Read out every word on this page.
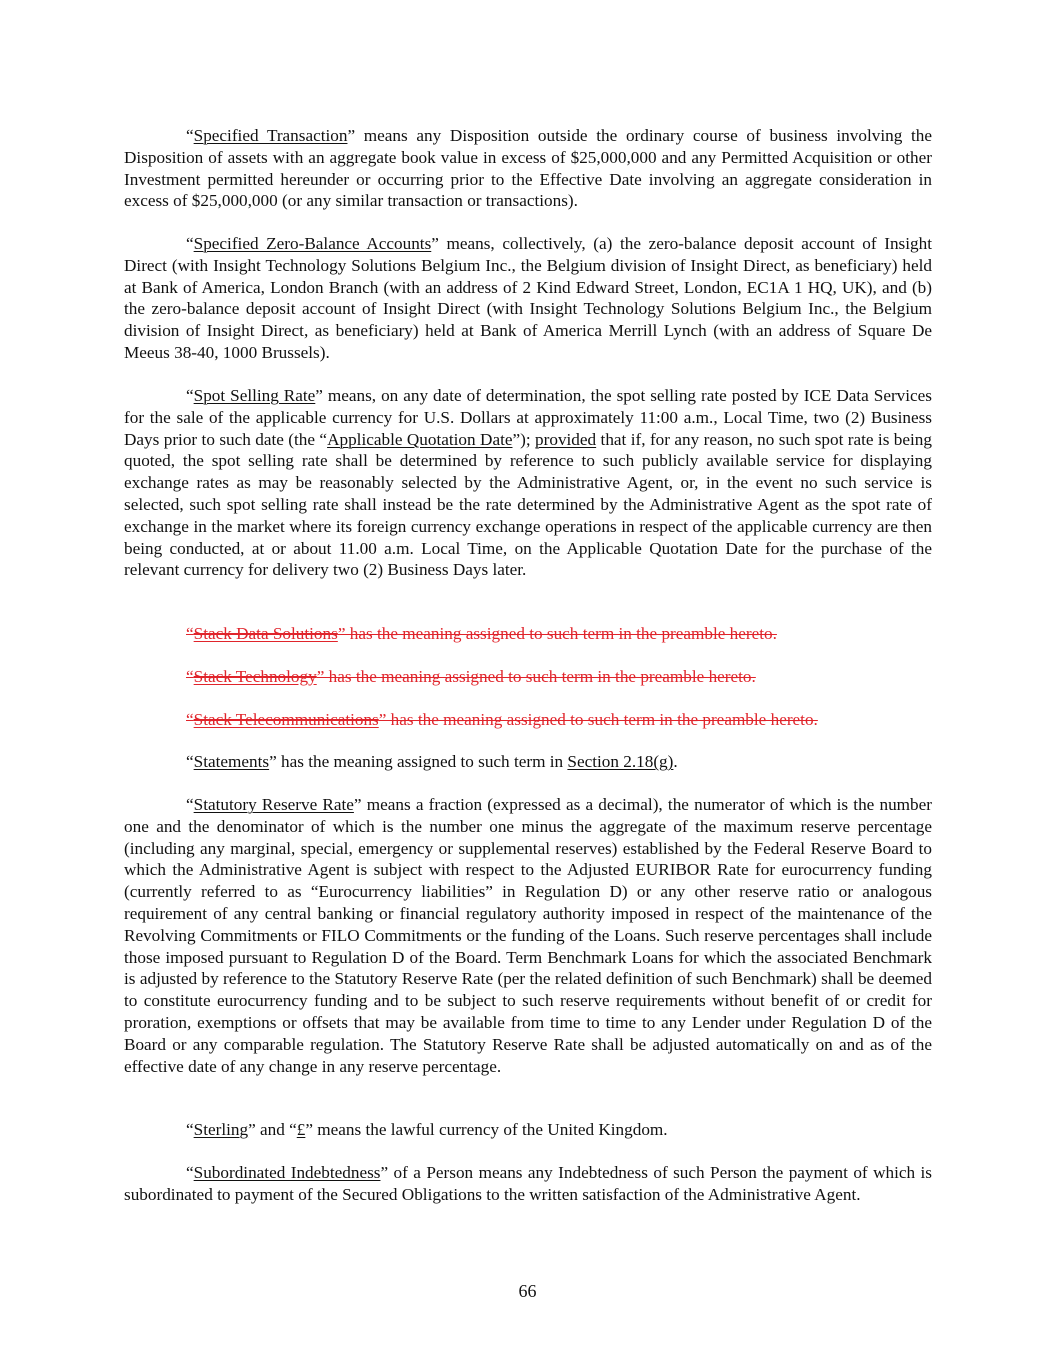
“Specified Transaction” means any Disposition outside the ordinary course of business involving the Disposition of assets with an aggregate book value in excess of $25,000,000 and any Permitted Acquisition or other Investment permitted hereunder or occurring prior to the Effective Date involving an aggregate consideration in excess of $25,000,000 (or any similar transaction or transactions).

“Specified Zero-Balance Accounts” means, collectively, (a) the zero-balance deposit account of Insight Direct (with Insight Technology Solutions Belgium Inc., the Belgium division of Insight Direct, as beneficiary) held at Bank of America, London Branch (with an address of 2 Kind Edward Street, London, EC1A 1 HQ, UK), and (b) the zero-balance deposit account of Insight Direct (with Insight Technology Solutions Belgium Inc., the Belgium division of Insight Direct, as beneficiary) held at Bank of America Merrill Lynch (with an address of Square De Meeus 38-40, 1000 Brussels).

“Spot Selling Rate” means, on any date of determination, the spot selling rate posted by ICE Data Services for the sale of the applicable currency for U.S. Dollars at approximately 11:00 a.m., Local Time, two (2) Business Days prior to such date (the “Applicable Quotation Date”); provided that if, for any reason, no such spot rate is being quoted, the spot selling rate shall be determined by reference to such publicly available service for displaying exchange rates as may be reasonably selected by the Administrative Agent, or, in the event no such service is selected, such spot selling rate shall instead be the rate determined by the Administrative Agent as the spot rate of exchange in the market where its foreign currency exchange operations in respect of the applicable currency are then being conducted, at or about 11.00 a.m. Local Time, on the Applicable Quotation Date for the purchase of the relevant currency for delivery two (2) Business Days later.

“Stack Data Solutions” has the meaning assigned to such term in the preamble hereto.

“Stack Technology” has the meaning assigned to such term in the preamble hereto.

“Stack Telecommunications” has the meaning assigned to such term in the preamble hereto.

“Statements” has the meaning assigned to such term in Section 2.18(g).

“Statutory Reserve Rate” means a fraction (expressed as a decimal), the numerator of which is the number one and the denominator of which is the number one minus the aggregate of the maximum reserve percentage (including any marginal, special, emergency or supplemental reserves) established by the Federal Reserve Board to which the Administrative Agent is subject with respect to the Adjusted EURIBOR Rate for eurocurrency funding (currently referred to as “Eurocurrency liabilities” in Regulation D) or any other reserve ratio or analogous requirement of any central banking or financial regulatory authority imposed in respect of the maintenance of the Revolving Commitments or FILO Commitments or the funding of the Loans. Such reserve percentages shall include those imposed pursuant to Regulation D of the Board. Term Benchmark Loans for which the associated Benchmark is adjusted by reference to the Statutory Reserve Rate (per the related definition of such Benchmark) shall be deemed to constitute eurocurrency funding and to be subject to such reserve requirements without benefit of or credit for proration, exemptions or offsets that may be available from time to time to any Lender under Regulation D of the Board or any comparable regulation. The Statutory Reserve Rate shall be adjusted automatically on and as of the effective date of any change in any reserve percentage.

“Sterling” and “£” means the lawful currency of the United Kingdom.

“Subordinated Indebtedness” of a Person means any Indebtedness of such Person the payment of which is subordinated to payment of the Secured Obligations to the written satisfaction of the Administrative Agent.

66
